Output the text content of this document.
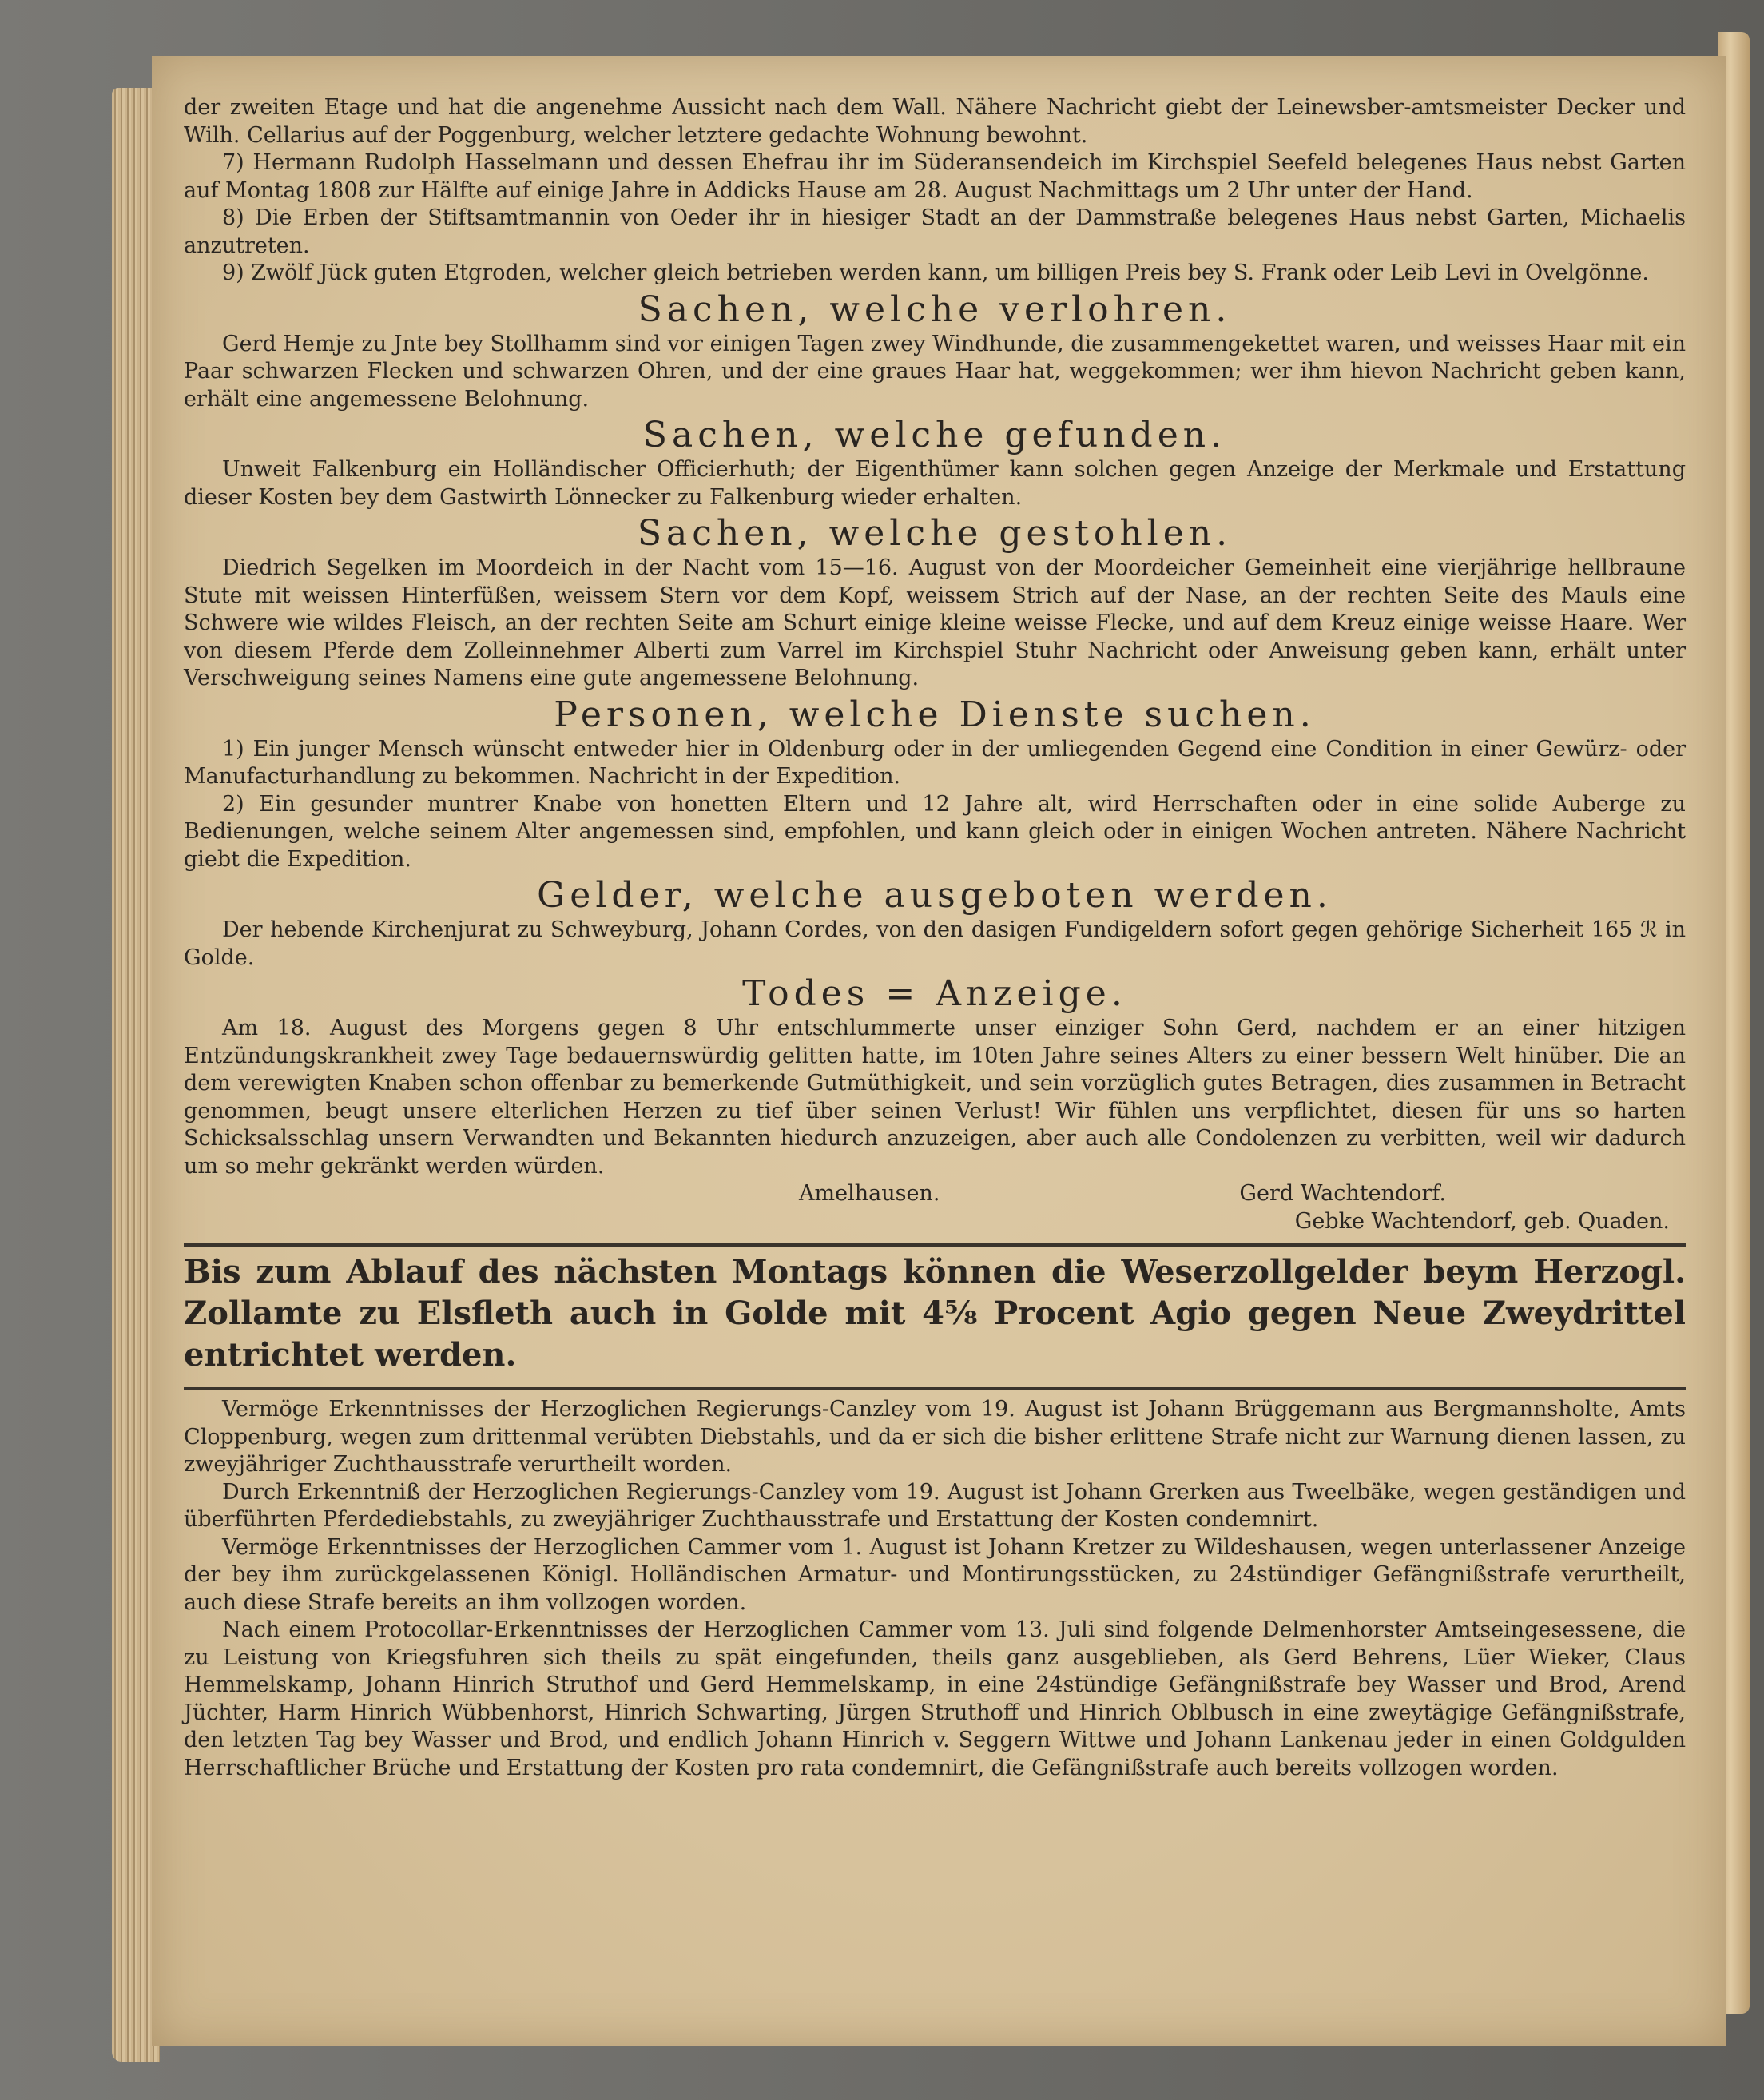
der zweiten Etage und hat die angenehme Aussicht nach dem Wall. Nähere Nachricht giebt der Leinewsber-amtsmeister Decker und Wilh. Cellarius auf der Poggenburg, welcher letztere gedachte Wohnung bewohnt.

7) Hermann Rudolph Hasselmann und dessen Ehefrau ihr im Süderansendeich im Kirchspiel Seefeld belegenes Haus nebst Garten auf Montag 1808 zur Hälfte auf einige Jahre in Addicks Hause am 28. August Nachmittags um 2 Uhr unter der Hand.

8) Die Erben der Stiftsamtmannin von Oeder ihr in hiesiger Stadt an der Dammstraße belegenes Haus nebst Garten, Michaelis anzutreten.

9) Zwölf Jück guten Etgroden, welcher gleich betrieben werden kann, um billigen Preis bey S. Frank oder Leib Levi in Ovelgönne.

Sachen, welche verlohren.

Gerd Hemje zu Jnte bey Stollhamm sind vor einigen Tagen zwey Windhunde, die zusammengekettet waren, und weisses Haar mit ein Paar schwarzen Flecken und schwarzen Ohren, und der eine graues Haar hat, weggekommen; wer ihm hievon Nachricht geben kann, erhält eine angemessene Belohnung.

Sachen, welche gefunden.

Unweit Falkenburg ein Holländischer Officierhuth; der Eigenthümer kann solchen gegen Anzeige der Merkmale und Erstattung dieser Kosten bey dem Gastwirth Lönnecker zu Falkenburg wieder erhalten.

Sachen, welche gestohlen.

Diedrich Segelken im Moordeich in der Nacht vom 15—16. August von der Moordeicher Gemeinheit eine vierjährige hellbraune Stute mit weissen Hinterfüßen, weissem Stern vor dem Kopf, weissem Strich auf der Nase, an der rechten Seite des Mauls eine Schwere wie wildes Fleisch, an der rechten Seite am Schurt einige kleine weisse Flecke, und auf dem Kreuz einige weisse Haare. Wer von diesem Pferde dem Zolleinnehmer Alberti zum Varrel im Kirchspiel Stuhr Nachricht oder Anweisung geben kann, erhält unter Verschweigung seines Namens eine gute angemessene Belohnung.

Personen, welche Dienste suchen.

1) Ein junger Mensch wünscht entweder hier in Oldenburg oder in der umliegenden Gegend eine Condition in einer Gewürz- oder Manufacturhandlung zu bekommen. Nachricht in der Expedition.

2) Ein gesunder muntrer Knabe von honetten Eltern und 12 Jahre alt, wird Herrschaften oder in eine solide Auberge zu Bedienungen, welche seinem Alter angemessen sind, empfohlen, und kann gleich oder in einigen Wochen antreten. Nähere Nachricht giebt die Expedition.

Gelder, welche ausgeboten werden.

Der hebende Kirchenjurat zu Schweyburg, Johann Cordes, von den dasigen Fundigeldern sofort gegen gehörige Sicherheit 165 ℛ in Golde.

Todes = Anzeige.

Am 18. August des Morgens gegen 8 Uhr entschlummerte unser einziger Sohn Gerd, nachdem er an einer hitzigen Entzündungskrankheit zwey Tage bedauernswürdig gelitten hatte, im 10ten Jahre seines Alters zu einer bessern Welt hinüber. Die an dem verewigten Knaben schon offenbar zu bemerkende Gutmüthigkeit, und sein vorzüglich gutes Betragen, dies zusammen in Betracht genommen, beugt unsere elterlichen Herzen zu tief über seinen Verlust! Wir fühlen uns verpflichtet, diesen für uns so harten Schicksalsschlag unsern Verwandten und Bekannten hiedurch anzuzeigen, aber auch alle Condolenzen zu verbitten, weil wir dadurch um so mehr gekränkt werden würden.

Amelhausen.	Gerd Wachtendorf.

Gebke Wachtendorf, geb. Quaden.

Bis zum Ablauf des nächsten Montags können die Weserzollgelder beym Herzogl. Zollamte zu Elsfleth auch in Golde mit 4⅝ Procent Agio gegen Neue Zweydrittel entrichtet werden.

Vermöge Erkenntnisses der Herzoglichen Regierungs-Canzley vom 19. August ist Johann Brüggemann aus Bergmannsholte, Amts Cloppenburg, wegen zum drittenmal verübten Diebstahls, und da er sich die bisher erlittene Strafe nicht zur Warnung dienen lassen, zu zweyjähriger Zuchthausstrafe verurtheilt worden.

Durch Erkenntniß der Herzoglichen Regierungs-Canzley vom 19. August ist Johann Grerken aus Tweelbäke, wegen geständigen und überführten Pferdediebstahls, zu zweyjähriger Zuchthausstrafe und Erstattung der Kosten condemnirt.

Vermöge Erkenntnisses der Herzoglichen Cammer vom 1. August ist Johann Kretzer zu Wildeshausen, wegen unterlassener Anzeige der bey ihm zurückgelassenen Königl. Holländischen Armatur- und Montirungsstücken, zu 24stündiger Gefängnißstrafe verurtheilt, auch diese Strafe bereits an ihm vollzogen worden.

Nach einem Protocollar-Erkenntnisses der Herzoglichen Cammer vom 13. Juli sind folgende Delmenhorster Amtseingesessene, die zu Leistung von Kriegsfuhren sich theils zu spät eingefunden, theils ganz ausgeblieben, als Gerd Behrens, Lüer Wieker, Claus Hemmelskamp, Johann Hinrich Struthof und Gerd Hemmelskamp, in eine 24stündige Gefängnißstrafe bey Wasser und Brod, Arend Jüchter, Harm Hinrich Wübbenhorst, Hinrich Schwarting, Jürgen Struthoff und Hinrich Oblbusch in eine zweytägige Gefängnißstrafe, den letzten Tag bey Wasser und Brod, und endlich Johann Hinrich v. Seggern Wittwe und Johann Lankenau jeder in einen Goldgulden Herrschaftlicher Brüche und Erstattung der Kosten pro rata condemnirt, die Gefängnißstrafe auch bereits vollzogen worden.
